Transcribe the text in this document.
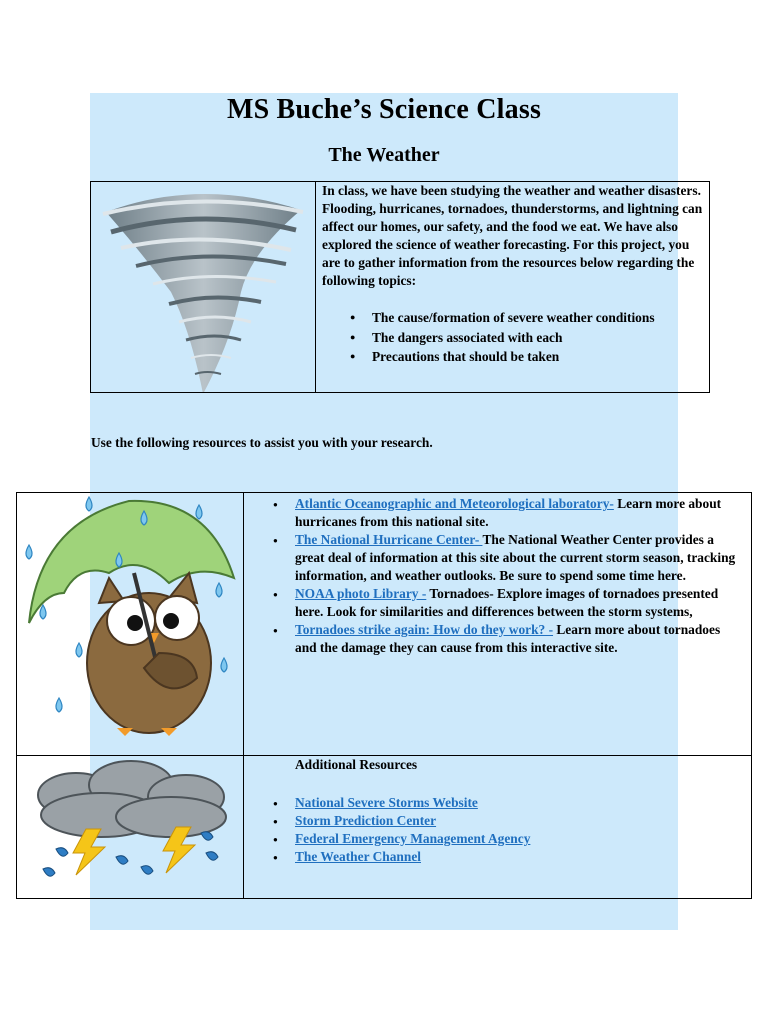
MS Buche’s Science Class
The Weather

In class, we have been studying the weather and weather disasters. Flooding, hurricanes, tornadoes, thunderstorms, and lightning can affect our homes, our safety, and the food we eat. We have also explored the science of weather forecasting. For this project, you are to gather information from the resources below regarding the following topics:

● The cause/formation of severe weather conditions
● The dangers associated with each
● Precautions that should be taken
Use the following resources to assist you with your research.
● Atlantic Oceanographic and Meteorological laboratory- Learn more about hurricanes from this national site.
● The National Hurricane Center- The National Weather Center provides a great deal of information at this site about the current storm season, tracking information, and weather outlooks. Be sure to spend some time here.
● NOAA photo Library - Tornadoes- Explore images of tornadoes presented here. Look for similarities and differences between the storm systems,
● Tornadoes strike again: How do they work? - Learn more about tornadoes and the damage they can cause from this interactive site.
Additional Resources
● National Severe Storms Website
● Storm Prediction Center
● Federal Emergency Management Agency
● The Weather Channel
